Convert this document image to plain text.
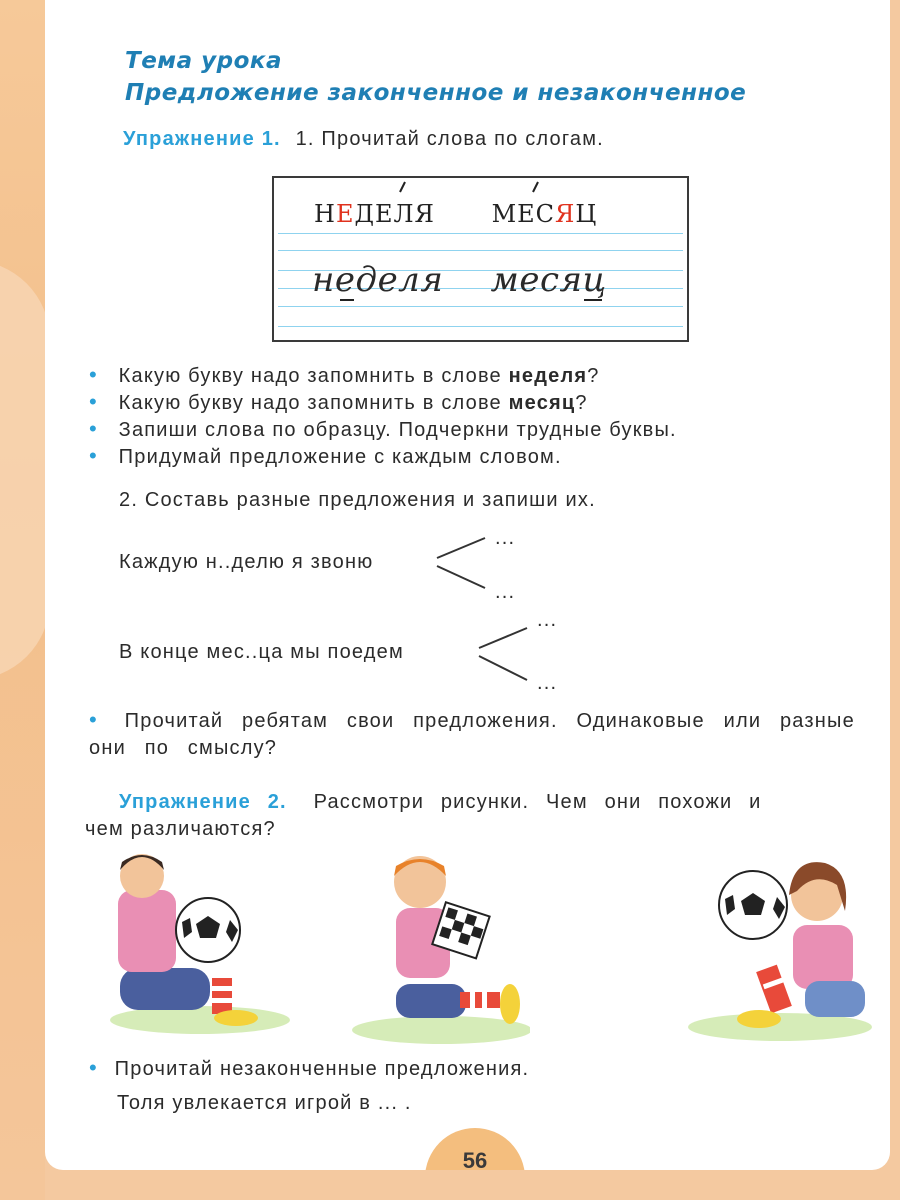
Тема урока
Предложение законченное и незаконченное
Упражнение 1. 1. Прочитай слова по слогам.
НЕДЕЛЯ МЕСЯЦ
неделя месяц
• Какую букву надо запомнить в слове неделя?
• Какую букву надо запомнить в слове месяц?
• Запиши слова по образцу. Подчеркни трудные буквы.
• Придумай предложение с каждым словом.
2. Составь разные предложения и запиши их.
Каждую н..делю я звоню
...
...
В конце мес..ца мы поедем
...
...
• Прочитай ребятам свои предложения. Одинаковые или разные они по смыслу?
Упражнение 2. Рассмотри рисунки. Чем они похожи и
чем различаются?
• Прочитай незаконченные предложения.
Толя увлекается игрой в ... .
56
